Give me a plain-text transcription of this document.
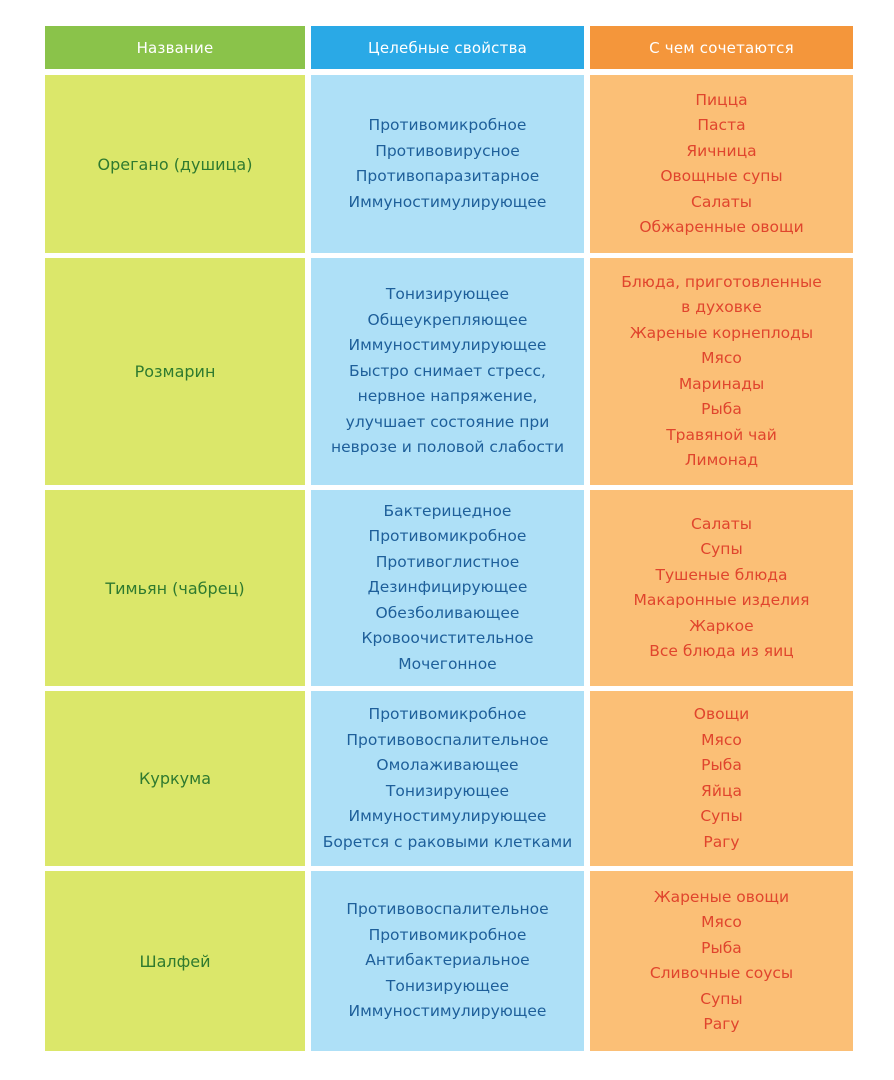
Название	Целебные свойства	С чем сочетаются
Орегано (душица)
Противомикробное
Противовирусное
Противопаразитарное
Иммуностимулирующее
Пицца
Паста
Яичница
Овощные супы
Салаты
Обжаренные овощи
Розмарин
Тонизирующее
Общеукрепляющее
Иммуностимулирующее
Быстро снимает стресс,
нервное напряжение,
улучшает состояние при
неврозе и половой слабости
Блюда, приготовленные
в духовке
Жареные корнеплоды
Мясо
Маринады
Рыба
Травяной чай
Лимонад
Тимьян (чабрец)
Бактерицедное
Противомикробное
Противоглистное
Дезинфицирующее
Обезболивающее
Кровоочистительное
Мочегонное
Салаты
Супы
Тушеные блюда
Макаронные изделия
Жаркое
Все блюда из яиц
Куркума
Противомикробное
Противовоспалительное
Омолаживающее
Тонизирующее
Иммуностимулирующее
Борется с раковыми клетками
Овощи
Мясо
Рыба
Яйца
Супы
Рагу
Шалфей
Противовоспалительное
Противомикробное
Антибактериальное
Тонизирующее
Иммуностимулирующее
Жареные овощи
Мясо
Рыба
Сливочные соусы
Супы
Рагу
